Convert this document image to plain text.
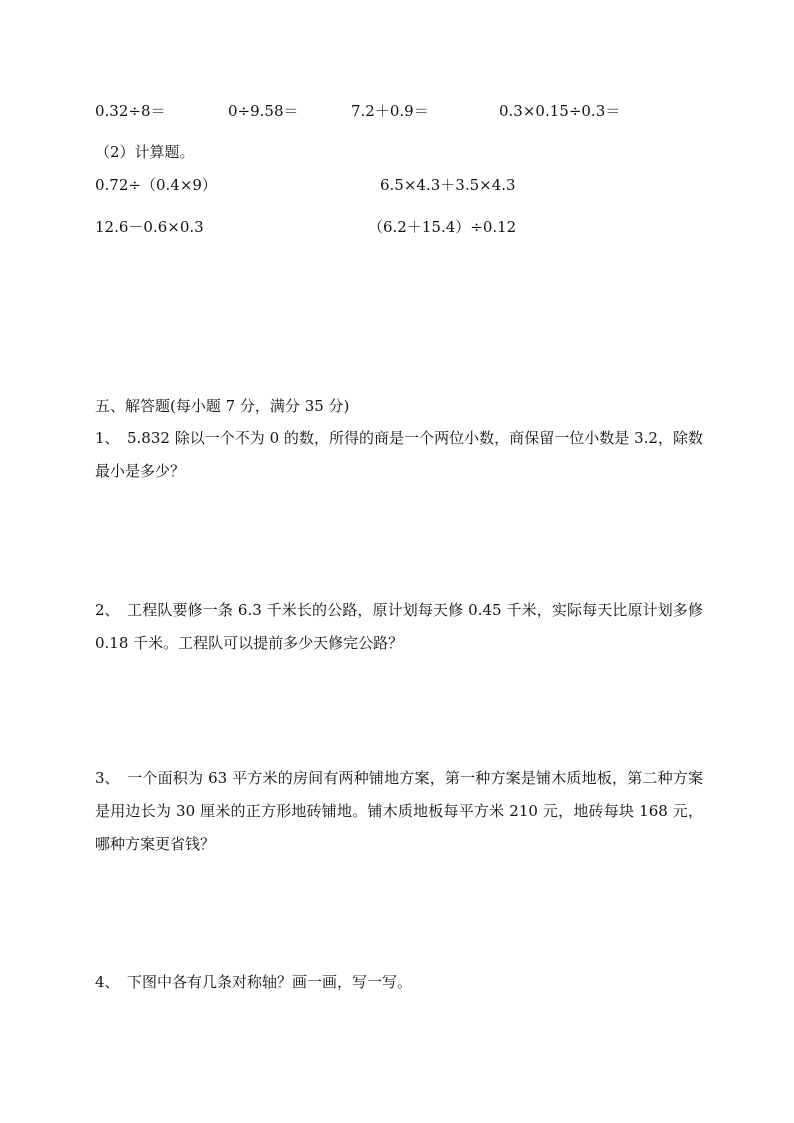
0.32÷8＝	0÷9.58＝	7.2＋0.9＝	0.3×0.15÷0.3＝
（2）计算题。
0.72÷（0.4×9）	6.5×4.3＋3.5×4.3
12.6－0.6×0.3	（6.2＋15.4）÷0.12
五、解答题(每小题 7 分，满分 35 分)
1、 5.832 除以一个不为 0 的数，所得的商是一个两位小数，商保留一位小数是 3.2，除数最小是多少？
2、 工程队要修一条 6.3 千米长的公路，原计划每天修 0.45 千米，实际每天比原计划多修 0.18 千米。工程队可以提前多少天修完公路？
3、 一个面积为 63 平方米的房间有两种铺地方案，第一种方案是铺木质地板，第二种方案是用边长为 30 厘米的正方形地砖铺地。铺木质地板每平方米 210 元，地砖每块 168 元，哪种方案更省钱？
4、 下图中各有几条对称轴？画一画，写一写。
